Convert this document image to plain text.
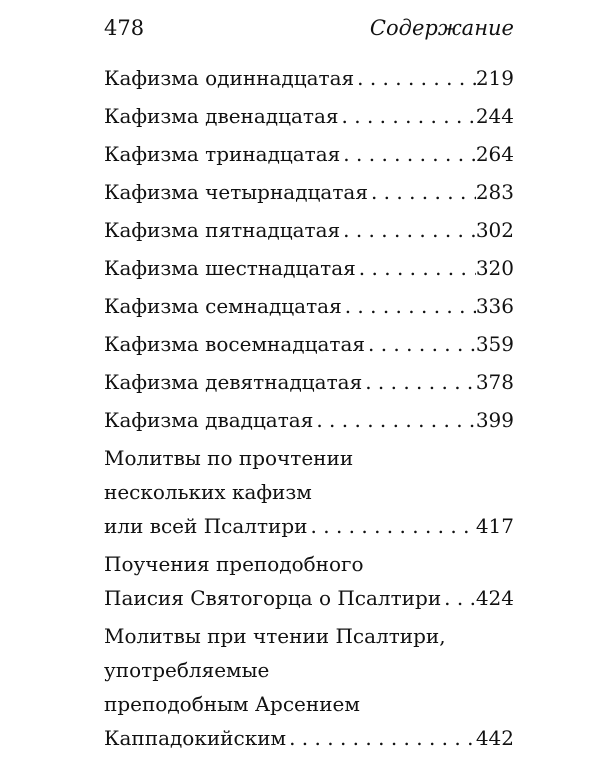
478	Содержание
Кафизма одиннадцатая . . .	219
Кафизма двенадцатая . . .	244
Кафизма тринадцатая . . .	264
Кафизма четырнадцатая . . .	283
Кафизма пятнадцатая . . .	302
Кафизма шестнадцатая . . .	320
Кафизма семнадцатая . . .	336
Кафизма восемнадцатая . . .	359
Кафизма девятнадцатая . . .	378
Кафизма двадцатая . . .	399
Молитвы по прочтении
нескольких кафизм
или всей Псалтири . . .	417
Поучения преподобного
Паисия Святогорца о Псалтири . . . 424
Молитвы при чтении Псалтири,
употребляемые
преподобным Арсением
Каппадокийским . . .	442
